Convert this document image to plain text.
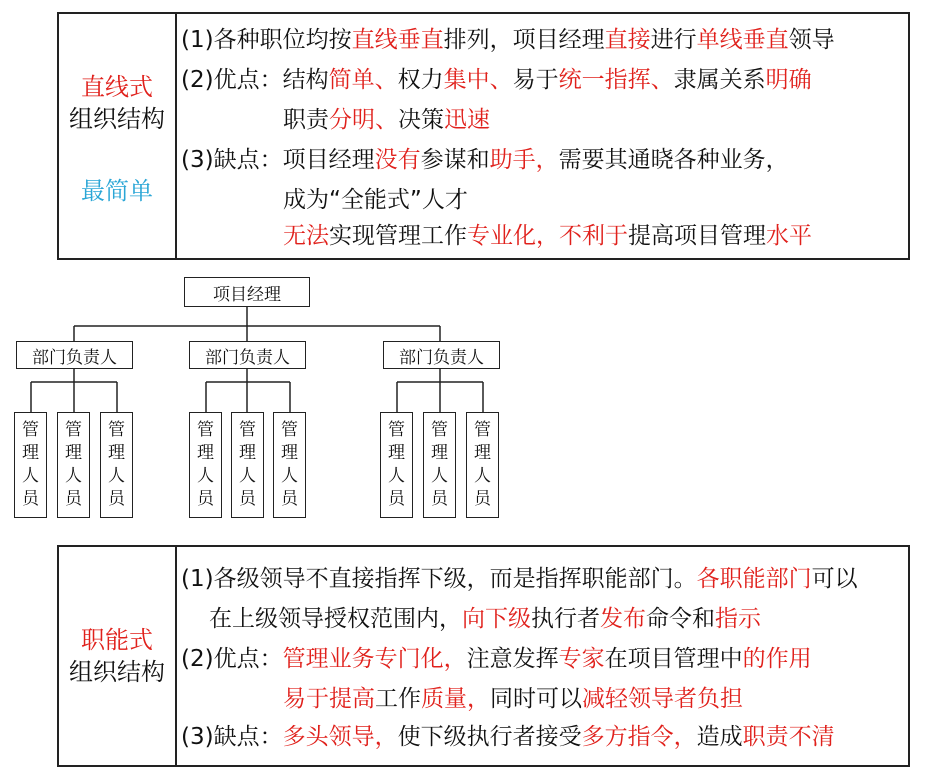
直线式
组织结构
最简单
(1)各种职位均按直线垂直排列，项目经理直接进行单线垂直领导
(2)优点：结构简单、权力集中、易于统一指挥、隶属关系明确
职责分明、决策迅速
(3)缺点：项目经理没有参谋和助手，需要其通晓各种业务，
成为“全能式”人才
无法实现管理工作专业化，不利于提高项目管理水平
项目经理
部门负责人	部门负责人	部门负责人
管
理
人
员
管
理
人
员
管
理
人
员
管
理
人
员
管
理
人
员
管
理
人
员
管
理
人
员
管
理
人
员
管
理
人
员
职能式
组织结构
(1)各级领导不直接指挥下级，而是指挥职能部门。各职能部门可以
在上级领导授权范围内，向下级执行者发布命令和指示
(2)优点：管理业务专门化，注意发挥专家在项目管理中的作用
易于提高工作质量，同时可以减轻领导者负担
(3)缺点：多头领导，使下级执行者接受多方指令，造成职责不清
